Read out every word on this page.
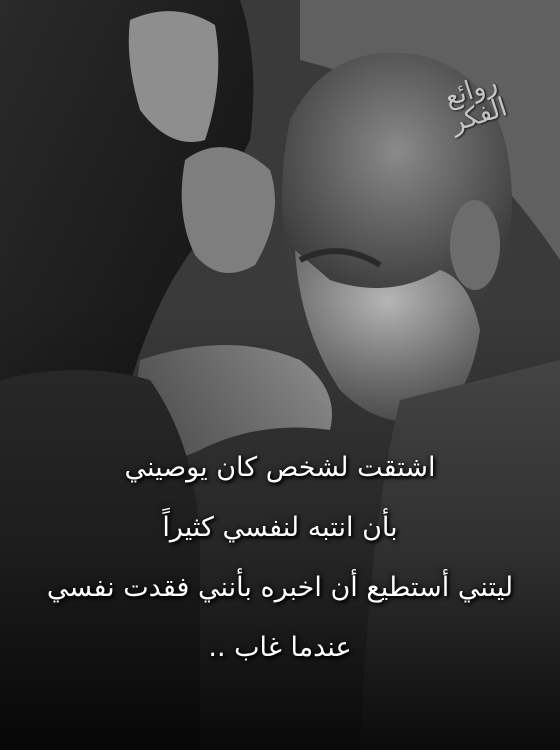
روائع الفكر
اشتقت لشخص كان يوصيني
بأن انتبه لنفسي كثيراً
ليتني أستطيع أن اخبره بأنني فقدت نفسي
عندما غاب ..
